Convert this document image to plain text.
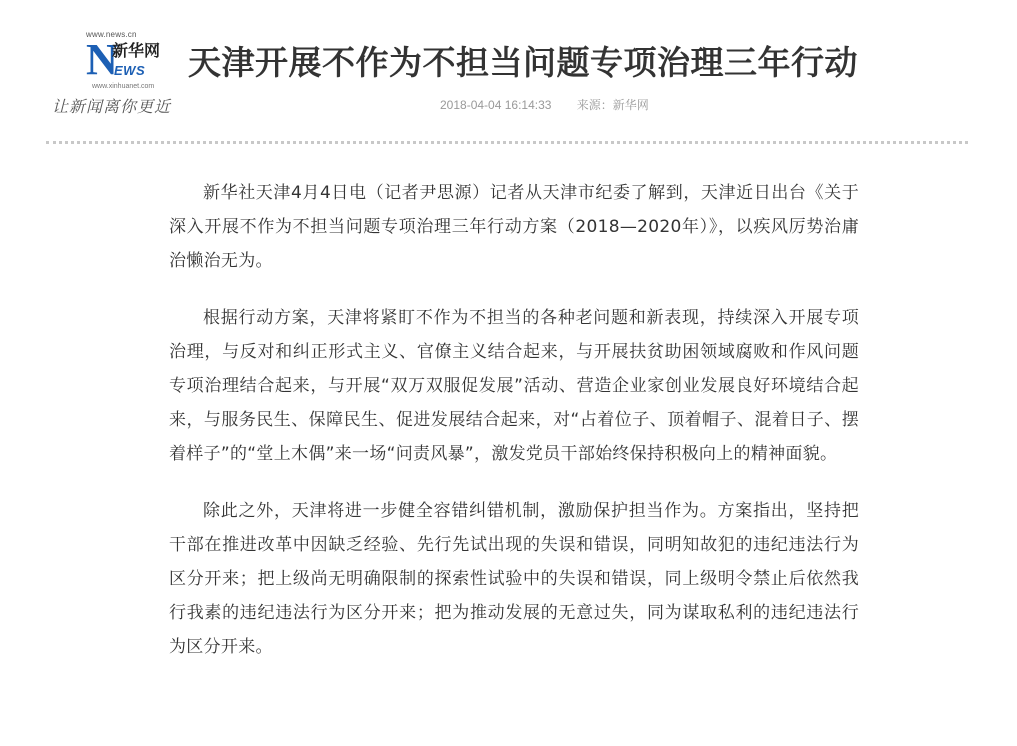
www.news.cn
N
新华网
EWS
www.xinhuanet.com
让新闻离你更近
天津开展不作为不担当问题专项治理三年行动
2018-04-04 16:14:33 来源：新华网

新华社天津4月4日电（记者尹思源）记者从天津市纪委了解到，天津近日出台《关于深入开展不作为不担当问题专项治理三年行动方案（2018—2020年）》，以疾风厉势治庸治懒治无为。

根据行动方案，天津将紧盯不作为不担当的各种老问题和新表现，持续深入开展专项治理，与反对和纠正形式主义、官僚主义结合起来，与开展扶贫助困领域腐败和作风问题专项治理结合起来，与开展“双万双服促发展”活动、营造企业家创业发展良好环境结合起来，与服务民生、保障民生、促进发展结合起来，对“占着位子、顶着帽子、混着日子、摆着样子”的“堂上木偶”来一场“问责风暴”，激发党员干部始终保持积极向上的精神面貌。

除此之外，天津将进一步健全容错纠错机制，激励保护担当作为。方案指出，坚持把干部在推进改革中因缺乏经验、先行先试出现的失误和错误，同明知故犯的违纪违法行为区分开来；把上级尚无明确限制的探索性试验中的失误和错误，同上级明令禁止后依然我行我素的违纪违法行为区分开来；把为推动发展的无意过失，同为谋取私利的违纪违法行为区分开来。
